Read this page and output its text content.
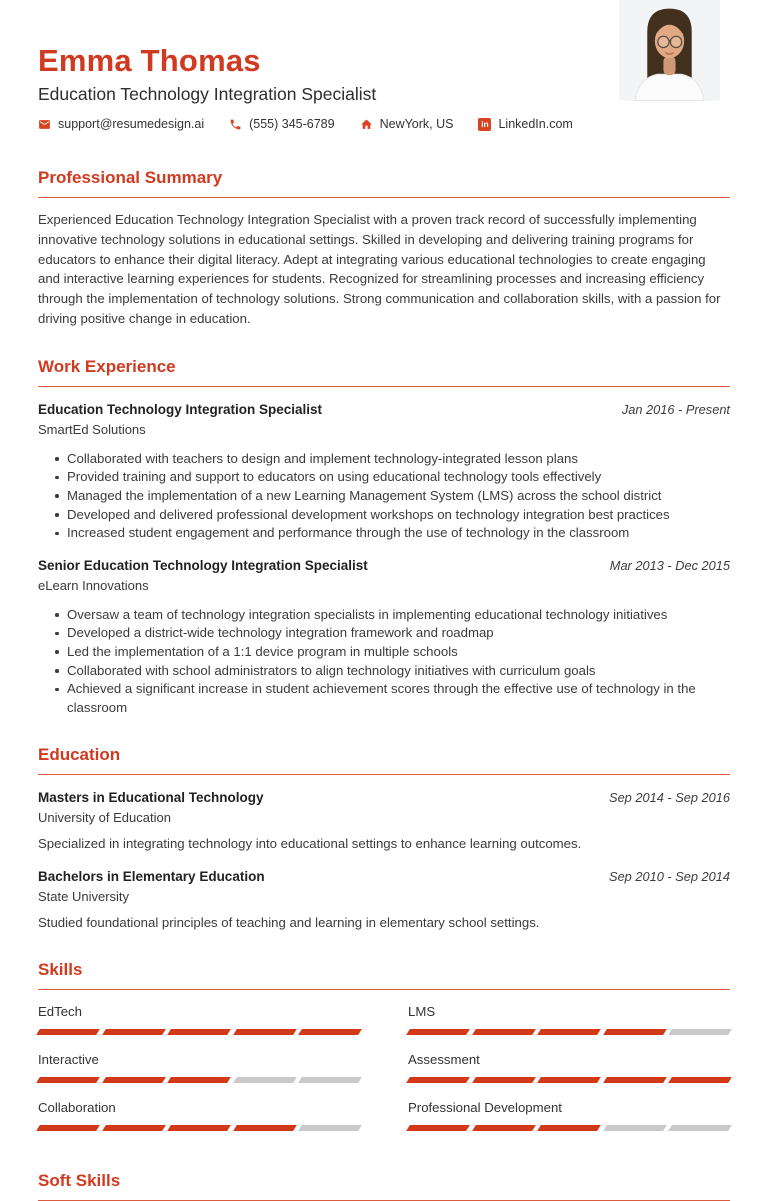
Emma Thomas
Education Technology Integration Specialist
support@resumedesign.ai	(555) 345-6789	NewYork, US	in LinkedIn.com
Professional Summary

Experienced Education Technology Integration Specialist with a proven track record of successfully implementing innovative technology solutions in educational settings. Skilled in developing and delivering training programs for educators to enhance their digital literacy. Adept at integrating various educational technologies to create engaging and interactive learning experiences for students. Recognized for streamlining processes and increasing efficiency through the implementation of technology solutions. Strong communication and collaboration skills, with a passion for driving positive change in education.

Work Experience
Education Technology Integration Specialist	Jan 2016 - Present
SmartEd Solutions
Collaborated with teachers to design and implement technology-integrated lesson plans
Provided training and support to educators on using educational technology tools effectively
Managed the implementation of a new Learning Management System (LMS) across the school district
Developed and delivered professional development workshops on technology integration best practices
Increased student engagement and performance through the use of technology in the classroom
Senior Education Technology Integration Specialist	Mar 2013 - Dec 2015
eLearn Innovations
Oversaw a team of technology integration specialists in implementing educational technology initiatives
Developed a district-wide technology integration framework and roadmap
Led the implementation of a 1:1 device program in multiple schools
Collaborated with school administrators to align technology initiatives with curriculum goals
Achieved a significant increase in student achievement scores through the effective use of technology in the classroom
Education
Masters in Educational Technology	Sep 2014 - Sep 2016
University of Education
Specialized in integrating technology into educational settings to enhance learning outcomes.
Bachelors in Elementary Education	Sep 2010 - Sep 2014
State University
Studied foundational principles of teaching and learning in elementary school settings.
Skills
EdTech	LMS
Interactive	Assessment
Collaboration	Professional Development
Soft Skills
